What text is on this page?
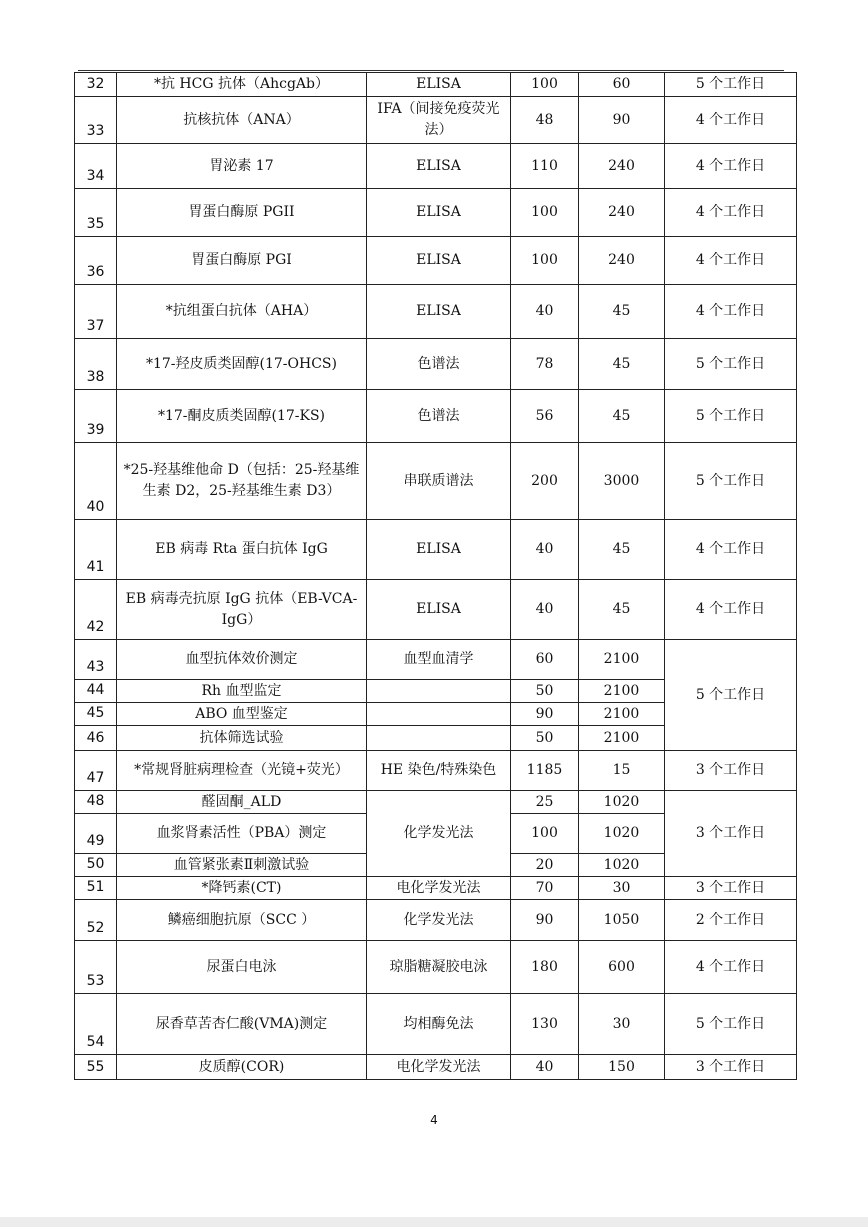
32	*抗 HCG 抗体（AhcgAb）	ELISA	100	60	5 个工作日
33	抗核抗体（ANA）	IFA（间接免疫荧光法）	48	90	4 个工作日
34	胃泌素 17	ELISA	110	240	4 个工作日
35	胃蛋白酶原 PGII	ELISA	100	240	4 个工作日
36	胃蛋白酶原 PGI	ELISA	100	240	4 个工作日
37	*抗组蛋白抗体（AHA）	ELISA	40	45	4 个工作日
38	*17-羟皮质类固醇(17-OHCS)	色谱法	78	45	5 个工作日
39	*17-酮皮质类固醇(17-KS)	色谱法	56	45	5 个工作日
40	*25-羟基维他命 D（包括：25-羟基维生素 D2，25-羟基维生素 D3）	串联质谱法	200	3000	5 个工作日
41	EB 病毒 Rta 蛋白抗体 IgG	ELISA	40	45	4 个工作日
42	EB 病毒壳抗原 IgG 抗体（EB-VCA-IgG）	ELISA	40	45	4 个工作日
43	血型抗体效价测定	血型血清学	60	2100	5 个工作日
44	Rh 血型监定		50	2100	
45	ABO 血型鉴定		90	2100	
46	抗体筛选试验		50	2100	
47	*常规肾脏病理检查（光镜+荧光）	HE 染色/特殊染色	1185	15	3 个工作日
48	醛固酮_ALD	化学发光法	25	1020	3 个工作日
49	血浆肾素活性（PBA）测定		100	1020	
50	血管紧张素Ⅱ刺激试验		20	1020	
51	*降钙素(CT)	电化学发光法	70	30	3 个工作日
52	鳞癌细胞抗原（SCC ）	化学发光法	90	1050	2 个工作日
53	尿蛋白电泳	琼脂糖凝胶电泳	180	600	4 个工作日
54	尿香草苦杏仁酸(VMA)测定	均相酶免法	130	30	5 个工作日
55	皮质醇(COR)	电化学发光法	40	150	3 个工作日
4
